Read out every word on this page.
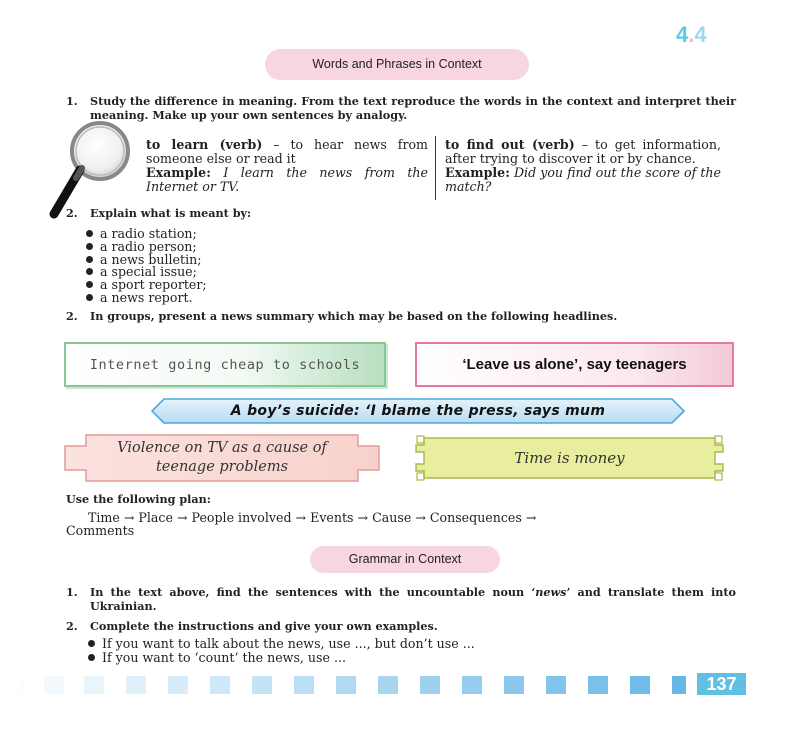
4.4
Words and Phrases in Context
1. Study the difference in meaning. From the text reproduce the words in the context and interpret their meaning. Make up your own sentences by analogy.
to learn (verb) – to hear news from someone else or read it
Example: I learn the news from the Internet or TV.
to find out (verb) – to get information, after trying to discover it or by chance.
Example: Did you find out the score of the match?
2. Explain what is meant by:
a radio station;
a radio person;
a news bulletin;
a special issue;
a sport reporter;
a news report.
2. In groups, present a news summary which may be based on the following headlines.
Internet going cheap to schools	‘Leave us alone’, say teenagers
A boy’s suicide: ‘I blame the press, says mum
Violence on TV as a cause of teenage problems	Time is money
Use the following plan:
Time → Place → People involved → Events → Cause → Consequences →
Comments
Grammar in Context
1. In the text above, find the sentences with the uncountable noun ‘news’ and translate them into Ukrainian.
2. Complete the instructions and give your own examples.
If you want to talk about the news, use ..., but don’t use ...
If you want to ‘count’ the news, use ...
137
